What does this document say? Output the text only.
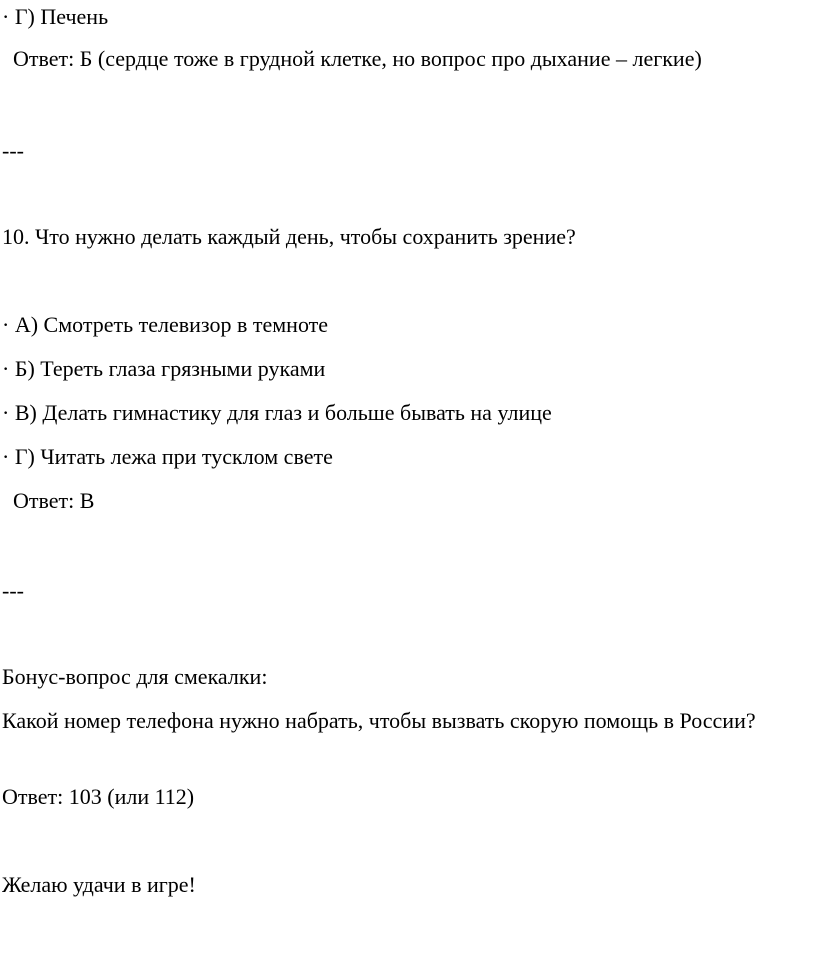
· Г) Печень
Ответ: Б (сердце тоже в грудной клетке, но вопрос про дыхание – легкие)
---
10. Что нужно делать каждый день, чтобы сохранить зрение?
· А) Смотреть телевизор в темноте
· Б) Тереть глаза грязными руками
· В) Делать гимнастику для глаз и больше бывать на улице
· Г) Читать лежа при тусклом свете
Ответ: В
---
Бонус-вопрос для смекалки:
Какой номер телефона нужно набрать, чтобы вызвать скорую помощь в России?
Ответ: 103 (или 112)
Желаю удачи в игре!
